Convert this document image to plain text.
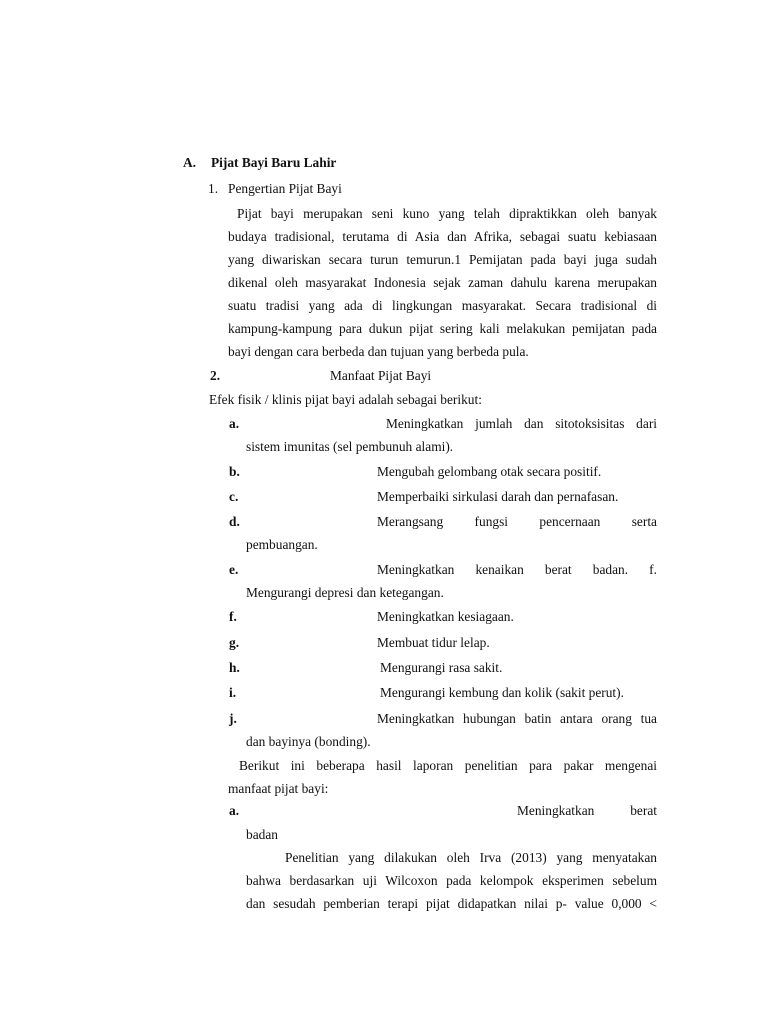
A. Pijat Bayi Baru Lahir
1. Pengertian Pijat Bayi
Pijat bayi merupakan seni kuno yang telah dipraktikkan oleh banyak
budaya tradisional, terutama di Asia dan Afrika, sebagai suatu kebiasaan
yang diwariskan secara turun temurun.1 Pemijatan pada bayi juga sudah
dikenal oleh masyarakat Indonesia sejak zaman dahulu karena merupakan
suatu tradisi yang ada di lingkungan masyarakat. Secara tradisional di
kampung-kampung para dukun pijat sering kali melakukan pemijatan pada
bayi dengan cara berbeda dan tujuan yang berbeda pula.
2.	Manfaat Pijat Bayi
Efek fisik / klinis pijat bayi adalah sebagai berikut:
a.	Meningkatkan jumlah dan sitotoksisitas dari
sistem imunitas (sel pembunuh alami).
b.	Mengubah gelombang otak secara positif.
c.	Memperbaiki sirkulasi darah dan pernafasan.
d.	Merangsang fungsi pencernaan serta
pembuangan.
e.	Meningkatkan kenaikan berat badan. f.
Mengurangi depresi dan ketegangan.
f.	Meningkatkan kesiagaan.
g.	Membuat tidur lelap.
h.	Mengurangi rasa sakit.
i.	Mengurangi kembung dan kolik (sakit perut).
j.	Meningkatkan hubungan batin antara orang tua
dan bayinya (bonding).
Berikut ini beberapa hasil laporan penelitian para pakar mengenai
manfaat pijat bayi:
a.	Meningkatkan berat
badan
Penelitian yang dilakukan oleh Irva (2013) yang menyatakan
bahwa berdasarkan uji Wilcoxon pada kelompok eksperimen sebelum
dan sesudah pemberian terapi pijat didapatkan nilai p- value 0,000 <
